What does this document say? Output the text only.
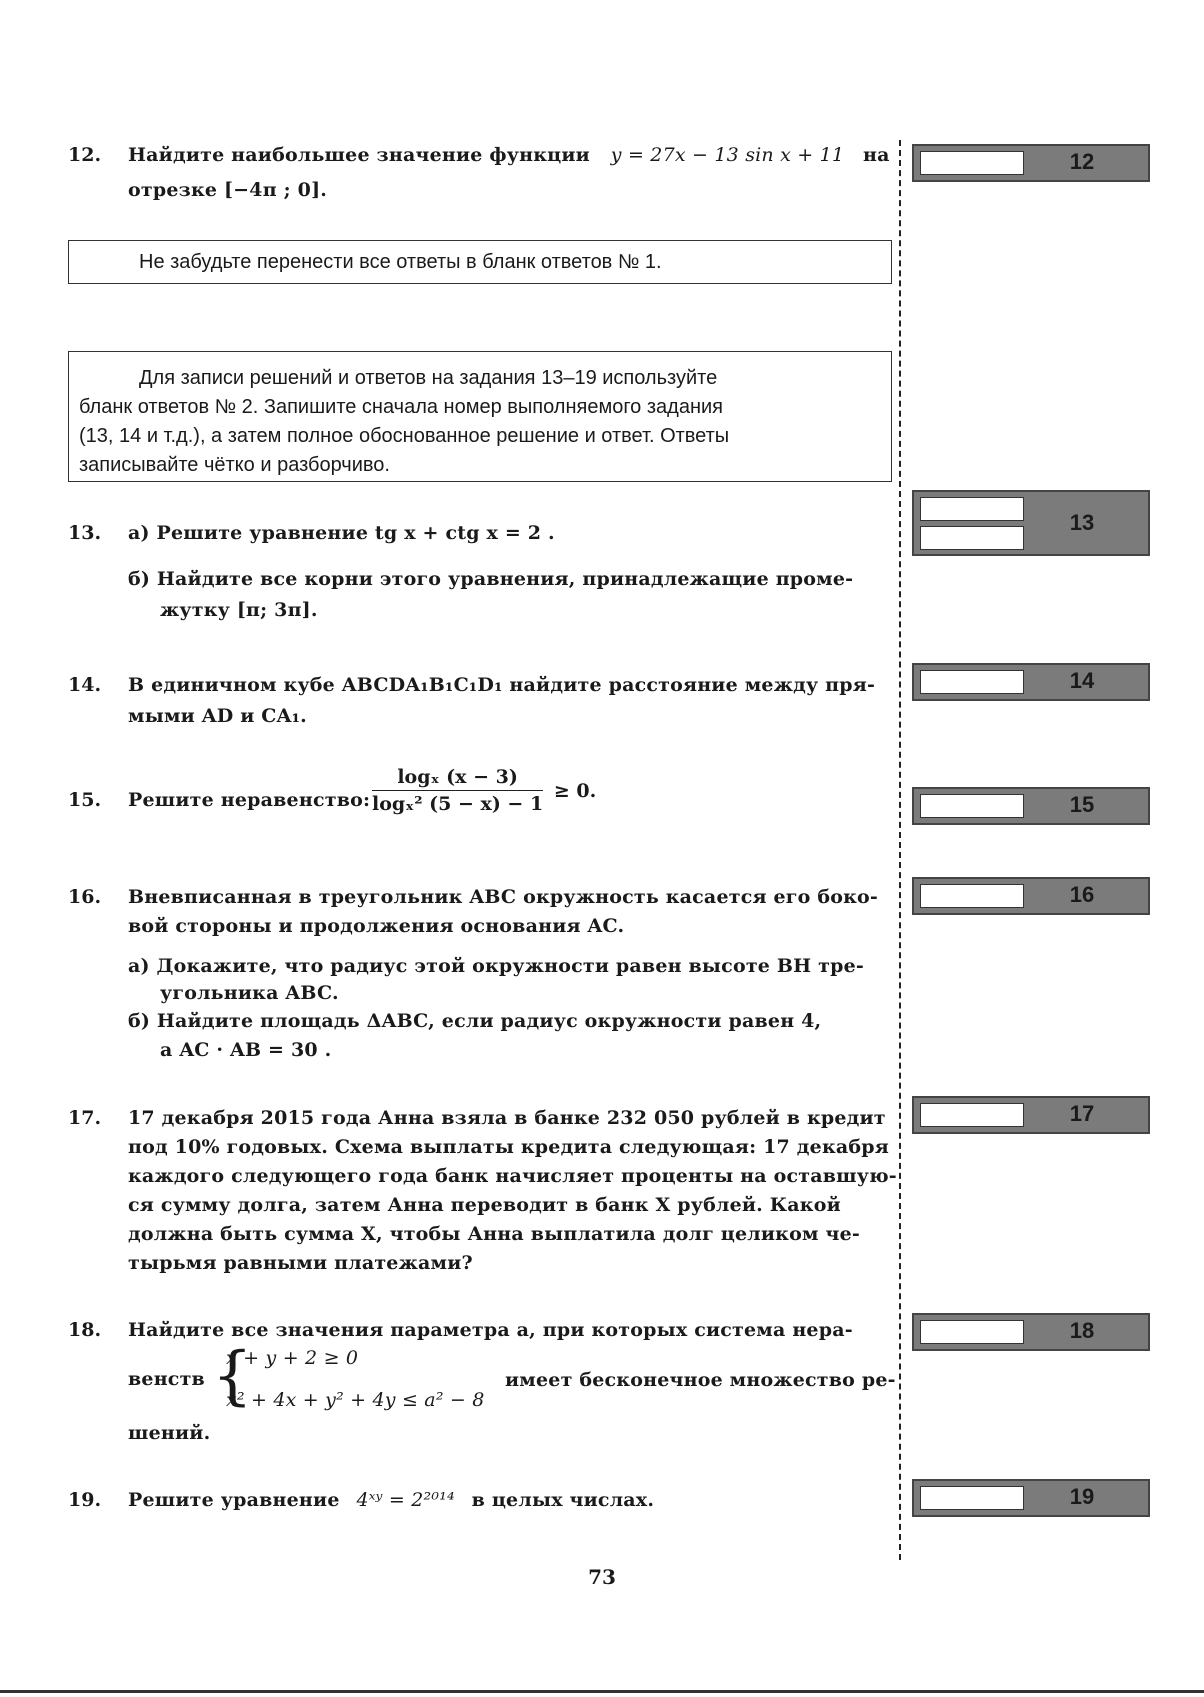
12. Найдите наибольшее значение функции y = 27x − 13 sin x + 11 на
отрезке [−4π ; 0].
Не забудьте перенести все ответы в бланк ответов № 1.
Для записи решений и ответов на задания 13–19 используйте
бланк ответов № 2. Запишите сначала номер выполняемого задания
(13, 14 и т.д.), а затем полное обоснованное решение и ответ. Ответы
записывайте чётко и разборчиво.
13. а) Решите уравнение tg x + ctg x = 2 .
б) Найдите все корни этого уравнения, принадлежащие проме-
жутку [π; 3π].
14. В единичном кубе ABCDA₁B₁C₁D₁ найдите расстояние между пря-
мыми AD и CA₁.
15. Решите неравенство: $\frac{\text{logₓ (x − 3)}}{\text{logₓ² (5 − x) − 1}} \ge 0$.
16. Вневписанная в треугольник ABC окружность касается его боко-
вой стороны и продолжения основания AC.
а) Докажите, что радиус этой окружности равен высоте BH тре-
угольника ABC.
б) Найдите площадь ΔABC, если радиус окружности равен 4,
а AC · AB = 30 .
17. 17 декабря 2015 года Анна взяла в банке 232 050 рублей в кредит
под 10% годовых. Схема выплаты кредита следующая: 17 декабря
каждого следующего года банк начисляет проценты на оставшую-
ся сумму долга, затем Анна переводит в банк X рублей. Какой
должна быть сумма X, чтобы Анна выплатила долг целиком че-
тырьмя равными платежами?
18. Найдите все значения параметра a, при которых система нера-
венств {
x + y + 2 ≥ 0
x² + 4x + y² + 4y ≤ a² − 8
имеет бесконечное множество ре-
шений.
19. Решите уравнение 4ˣʸ = 2²⁰¹⁴ в целых числах.
12
13
14
15
16
17
18
19
73
